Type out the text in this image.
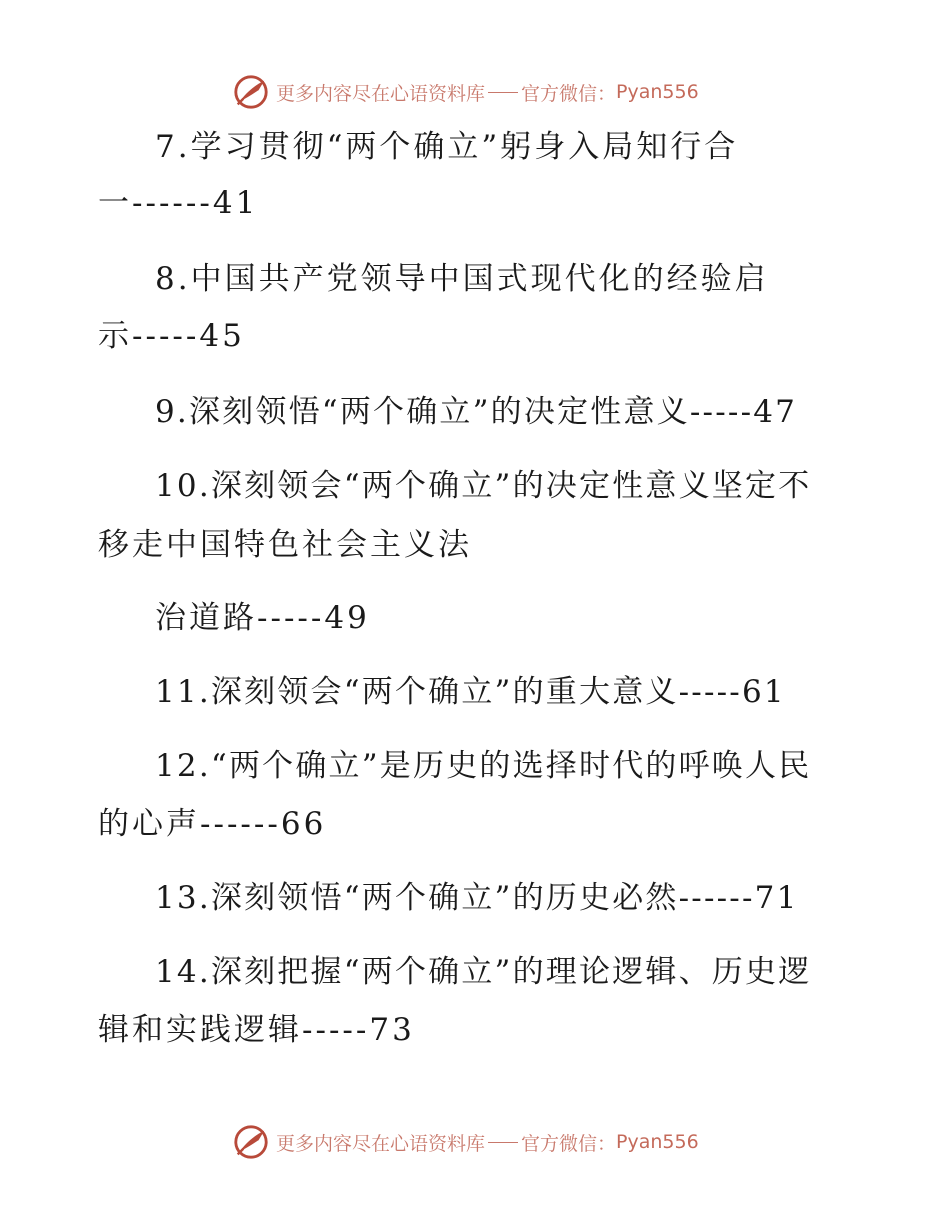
更多内容尽在心语资料库 官方微信： Pyan556
7.学习贯彻“两个确立”躬身入局知行合
一------41
8.中国共产党领导中国式现代化的经验启
示-----45
9.深刻领悟“两个确立”的决定性意义-----47
10.深刻领会“两个确立”的决定性意义坚定不
移走中国特色社会主义法
治道路-----49
11.深刻领会“两个确立”的重大意义-----61
12.“两个确立”是历史的选择时代的呼唤人民
的心声------66
13.深刻领悟“两个确立”的历史必然------71
14.深刻把握“两个确立”的理论逻辑、历史逻
辑和实践逻辑-----73
更多内容尽在心语资料库 官方微信： Pyan556
